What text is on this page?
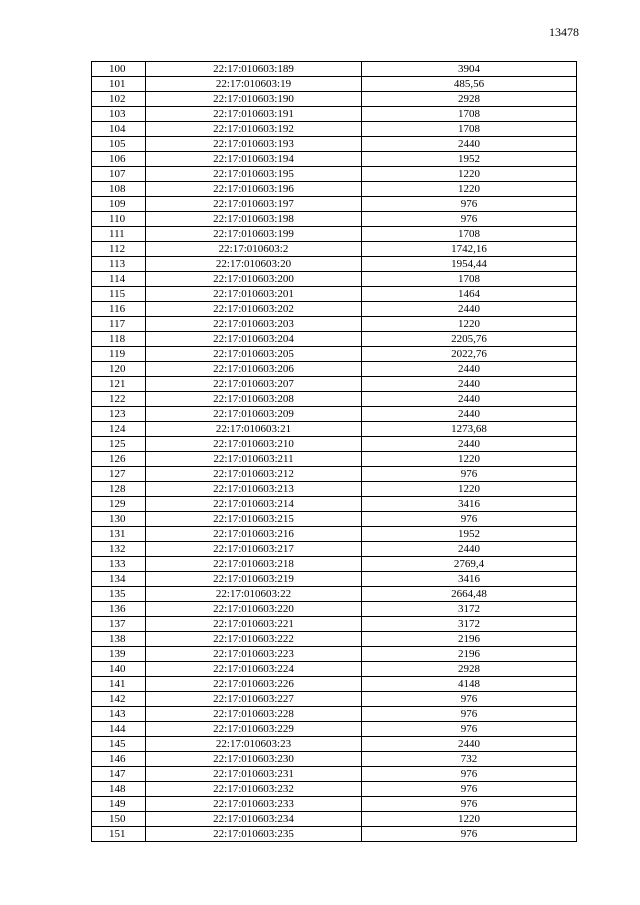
13478
100	22:17:010603:189	3904
101	22:17:010603:19	485,56
102	22:17:010603:190	2928
103	22:17:010603:191	1708
104	22:17:010603:192	1708
105	22:17:010603:193	2440
106	22:17:010603:194	1952
107	22:17:010603:195	1220
108	22:17:010603:196	1220
109	22:17:010603:197	976
110	22:17:010603:198	976
111	22:17:010603:199	1708
112	22:17:010603:2	1742,16
113	22:17:010603:20	1954,44
114	22:17:010603:200	1708
115	22:17:010603:201	1464
116	22:17:010603:202	2440
117	22:17:010603:203	1220
118	22:17:010603:204	2205,76
119	22:17:010603:205	2022,76
120	22:17:010603:206	2440
121	22:17:010603:207	2440
122	22:17:010603:208	2440
123	22:17:010603:209	2440
124	22:17:010603:21	1273,68
125	22:17:010603:210	2440
126	22:17:010603:211	1220
127	22:17:010603:212	976
128	22:17:010603:213	1220
129	22:17:010603:214	3416
130	22:17:010603:215	976
131	22:17:010603:216	1952
132	22:17:010603:217	2440
133	22:17:010603:218	2769,4
134	22:17:010603:219	3416
135	22:17:010603:22	2664,48
136	22:17:010603:220	3172
137	22:17:010603:221	3172
138	22:17:010603:222	2196
139	22:17:010603:223	2196
140	22:17:010603:224	2928
141	22:17:010603:226	4148
142	22:17:010603:227	976
143	22:17:010603:228	976
144	22:17:010603:229	976
145	22:17:010603:23	2440
146	22:17:010603:230	732
147	22:17:010603:231	976
148	22:17:010603:232	976
149	22:17:010603:233	976
150	22:17:010603:234	1220
151	22:17:010603:235	976
